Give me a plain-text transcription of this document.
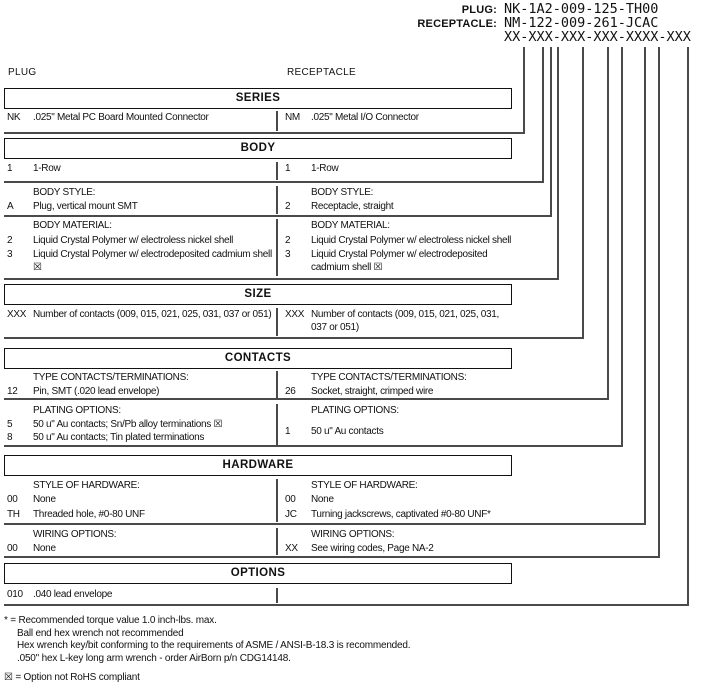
PLUG: NK-1A2-009-125-TH00
RECEPTACLE: NM-122-009-261-JCAC
XX-XXX-XXX-XXX-XXXX-XXX
PLUG	RECEPTACLE
SERIES
NK	.025" Metal PC Board Mounted Connector	NM	.025" Metal I/O Connector
BODY
1	1-Row	1	1-Row
BODY STYLE:
A	Plug, vertical mount SMT
BODY STYLE:
2	Receptacle, straight
BODY MATERIAL:
2	Liquid Crystal Polymer w/ electroless nickel shell
3	Liquid Crystal Polymer w/ electrodeposited cadmium shell ☒
BODY MATERIAL:
2	Liquid Crystal Polymer w/ electroless nickel shell
3	Liquid Crystal Polymer w/ electrodeposited cadmium shell ☒
SIZE
XXX Number of contacts (009, 015, 021, 025, 031, 037 or 051)	XXX Number of contacts (009, 015, 021, 025, 031, 037 or 051)
CONTACTS
TYPE CONTACTS/TERMINATIONS:
12	Pin, SMT (.020 lead envelope)
TYPE CONTACTS/TERMINATIONS:
26	Socket, straight, crimped wire
PLATING OPTIONS:
5	50 u" Au contacts; Sn/Pb alloy terminations ☒
8	50 u" Au contacts; Tin plated terminations
PLATING OPTIONS:
1	50 u" Au contacts
HARDWARE
STYLE OF HARDWARE:
00	None
TH	Threaded hole, #0-80 UNF
STYLE OF HARDWARE:
00	None
JC	Turning jackscrews, captivated #0-80 UNF*
WIRING OPTIONS:
00	None
WIRING OPTIONS:
XX	See wiring codes, Page NA-2
OPTIONS
010	.040 lead envelope
* = Recommended torque value 1.0 inch-lbs. max.
Ball end hex wrench not recommended
Hex wrench key/bit conforming to the requirements of ASME / ANSI-B-18.3 is recommended.
.050" hex L-key long arm wrench - order AirBorn p/n CDG14148.
☒ = Option not RoHS compliant
